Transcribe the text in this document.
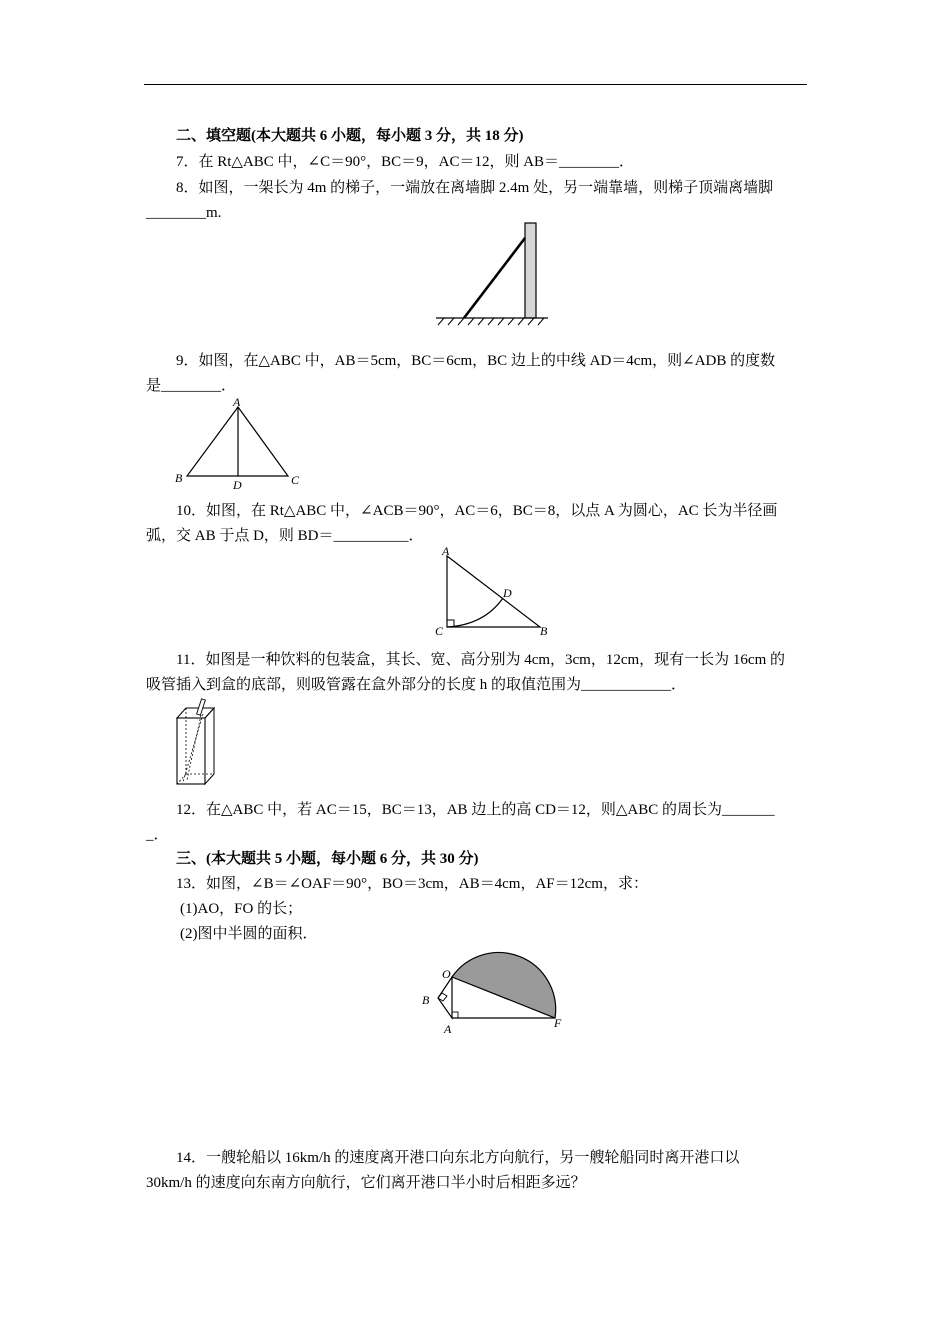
二、填空题(本大题共 6 小题，每小题 3 分，共 18 分)
7．在 Rt△ABC 中，∠C＝90°，BC＝9，AC＝12，则 AB＝________．
8．如图，一架长为 4m 的梯子，一端放在离墙脚 2.4m 处，另一端靠墙，则梯子顶端离墙脚
________m.
9．如图，在△ABC 中，AB＝5cm，BC＝6cm，BC 边上的中线 AD＝4cm，则∠ADB 的度数
是________．
A
B	C
D
10．如图，在 Rt△ABC 中，∠ACB＝90°，AC＝6，BC＝8，以点 A 为圆心，AC 长为半径画
弧，交 AB 于点 D，则 BD＝__________．
A
C	B
D
11．如图是一种饮料的包装盒，其长、宽、高分别为 4cm，3cm，12cm，现有一长为 16cm 的
吸管插入到盒的底部，则吸管露在盒外部分的长度 h 的取值范围为____________．
12．在△ABC 中，若 AC＝15，BC＝13，AB 边上的高 CD＝12，则△ABC 的周长为_______
_．
三、(本大题共 5 小题，每小题 6 分，共 30 分)
13．如图，∠B＝∠OAF＝90°，BO＝3cm，AB＝4cm，AF＝12cm，求：
(1)AO，FO 的长；
(2)图中半圆的面积．
O
B
A	F
14．一艘轮船以 16km/h 的速度离开港口向东北方向航行，另一艘轮船同时离开港口以
30km/h 的速度向东南方向航行，它们离开港口半小时后相距多远？
